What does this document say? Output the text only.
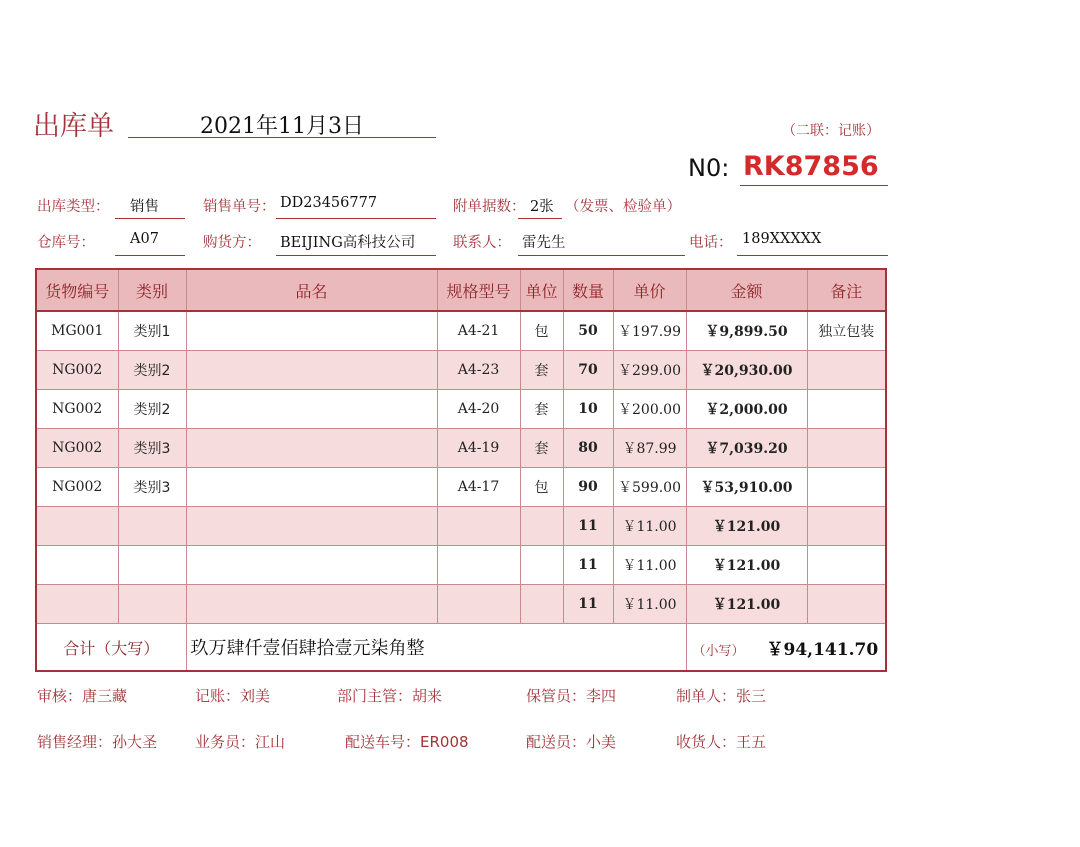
出库单	2021年11月3日	（二联：记账）
N0: RK87856
出库类型： 销售	销售单号： DD23456777	附单据数： 2张 （发票、检验单）
仓库号： A07	购货方： BEIJING高科技公司	联系人： 雷先生	电话： 189XXXXX
货物编号	类别	品名	规格型号	单位	数量	单价	金额	备注
MG001	类别1		A4-21	包	50	￥197.99	￥9,899.50	独立包装
NG002	类别2		A4-23	套	70	￥299.00	￥20,930.00	
NG002	类别2		A4-20	套	10	￥200.00	￥2,000.00	
NG002	类别3		A4-19	套	80	￥87.99	￥7,039.20	
NG002	类别3		A4-17	包	90	￥599.00	￥53,910.00	
					11	￥11.00	￥121.00	
					11	￥11.00	￥121.00	
					11	￥11.00	￥121.00	
合计（大写）		玖万肆仟壹佰肆拾壹元柒角整					（小写） ￥94,141.70	
审核：唐三藏	记账：刘美	部门主管：胡来	保管员：李四	制单人：张三
销售经理：孙大圣	业务员：江山	配送车号：ER008	配送员：小美	收货人：王五
